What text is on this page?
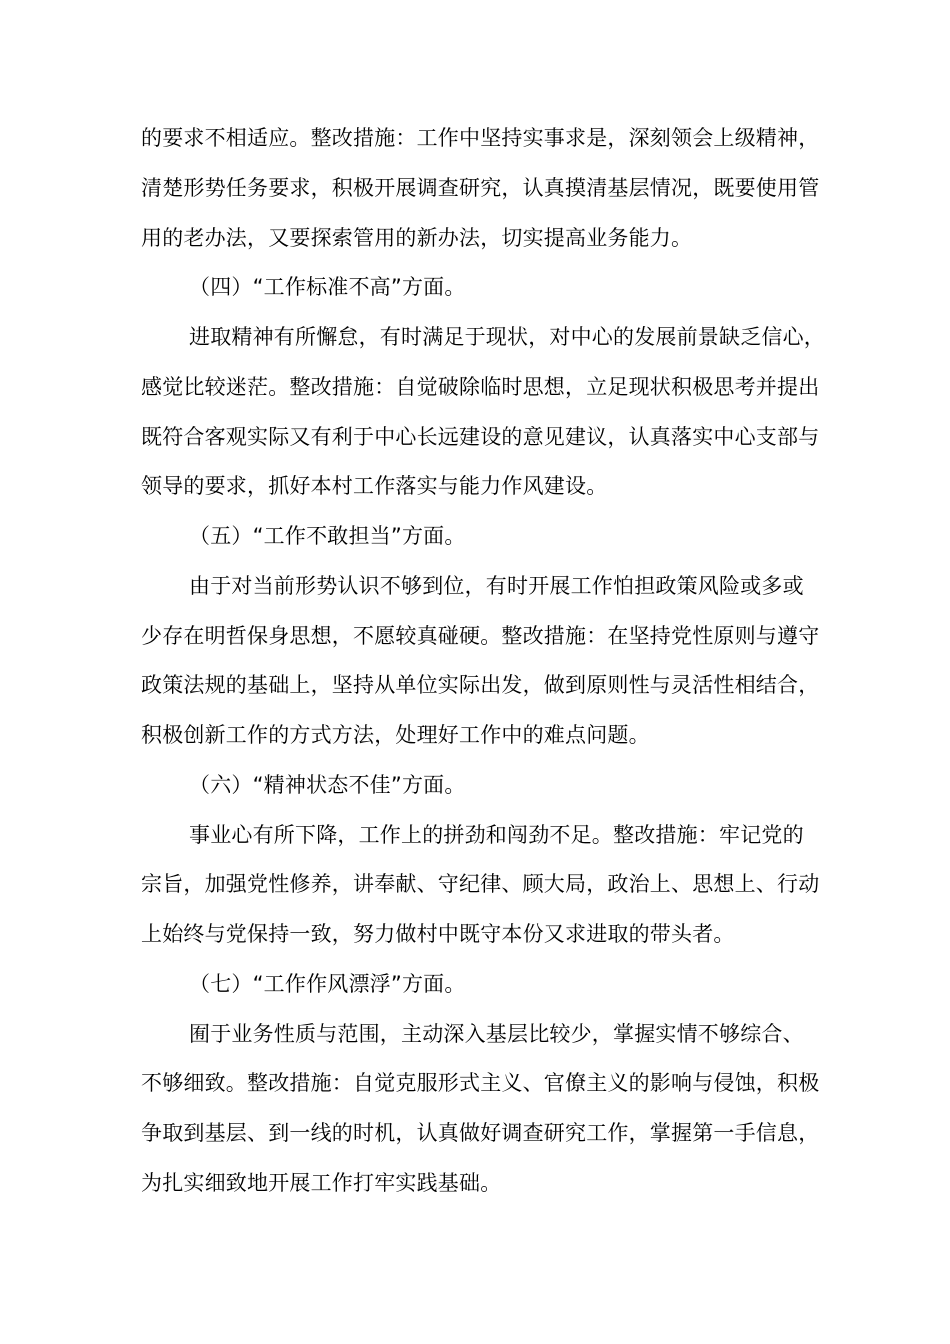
的要求不相适应。整改措施：工作中坚持实事求是，深刻领会上级精神，
清楚形势任务要求，积极开展调查研究，认真摸清基层情况，既要使用管
用的老办法，又要探索管用的新办法，切实提高业务能力。
（四）“工作标准不高”方面。
进取精神有所懈怠，有时满足于现状，对中心的发展前景缺乏信心，
感觉比较迷茫。整改措施：自觉破除临时思想，立足现状积极思考并提出
既符合客观实际又有利于中心长远建设的意见建议，认真落实中心支部与
领导的要求，抓好本村工作落实与能力作风建设。
（五）“工作不敢担当”方面。
由于对当前形势认识不够到位，有时开展工作怕担政策风险或多或
少存在明哲保身思想，不愿较真碰硬。整改措施：在坚持党性原则与遵守
政策法规的基础上，坚持从单位实际出发，做到原则性与灵活性相结合，
积极创新工作的方式方法，处理好工作中的难点问题。
（六）“精神状态不佳”方面。
事业心有所下降，工作上的拼劲和闯劲不足。整改措施：牢记党的
宗旨，加强党性修养，讲奉献、守纪律、顾大局，政治上、思想上、行动
上始终与党保持一致，努力做村中既守本份又求进取的带头者。
（七）“工作作风漂浮”方面。
囿于业务性质与范围，主动深入基层比较少，掌握实情不够综合、
不够细致。整改措施：自觉克服形式主义、官僚主义的影响与侵蚀，积极
争取到基层、到一线的时机，认真做好调查研究工作，掌握第一手信息，
为扎实细致地开展工作打牢实践基础。
